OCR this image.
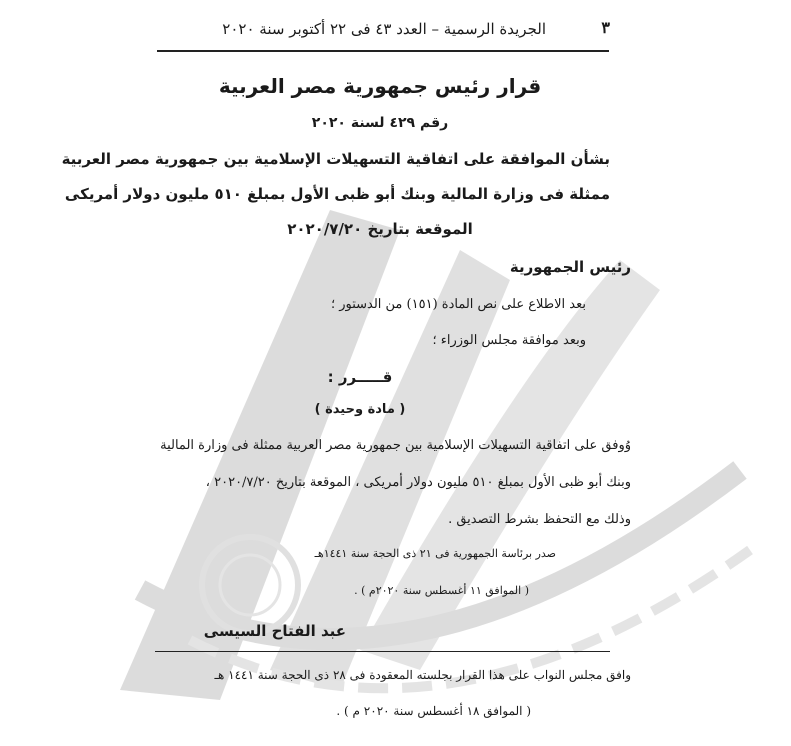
٣
الجريدة الرسمية – العدد ٤٣ فى ٢٢ أكتوبر سنة ٢٠٢٠
قرار رئيس جمهورية مصر العربية
رقم ٤٢٩ لسنة ٢٠٢٠
بشأن الموافقة على اتفاقية التسهيلات الإسلامية بين جمهورية مصر العربية
ممثلة فى وزارة المالية وبنك أبو ظبى الأول بمبلغ ٥١٠ مليون دولار أمريكى
الموقعة بتاريخ ٢٠٢٠/٧/٢٠
رئيس الجمهورية
بعد الاطلاع على نص المادة (١٥١) من الدستور ؛
وبعد موافقة مجلس الوزراء ؛
قـــــرر :
( مادة وحيدة )
وُوفق على اتفاقية التسهيلات الإسلامية بين جمهورية مصر العربية ممثلة فى وزارة المالية
وبنك أبو ظبى الأول بمبلغ ٥١٠ مليون دولار أمريكى ، الموقعة بتاريخ ٢٠٢٠/٧/٢٠ ،
وذلك مع التحفظ بشرط التصديق .
صدر برئاسة الجمهورية فى ٢١ ذى الحجة سنة ١٤٤١هـ
( الموافق ١١ أغسطس سنة ٢٠٢٠م ) .
عبد الفتاح السيسى
وافق مجلس النواب على هذا القرار بجلسته المعقودة فى ٢٨ ذى الحجة سنة ١٤٤١ هـ
( الموافق ١٨ أغسطس سنة ٢٠٢٠ م ) .
